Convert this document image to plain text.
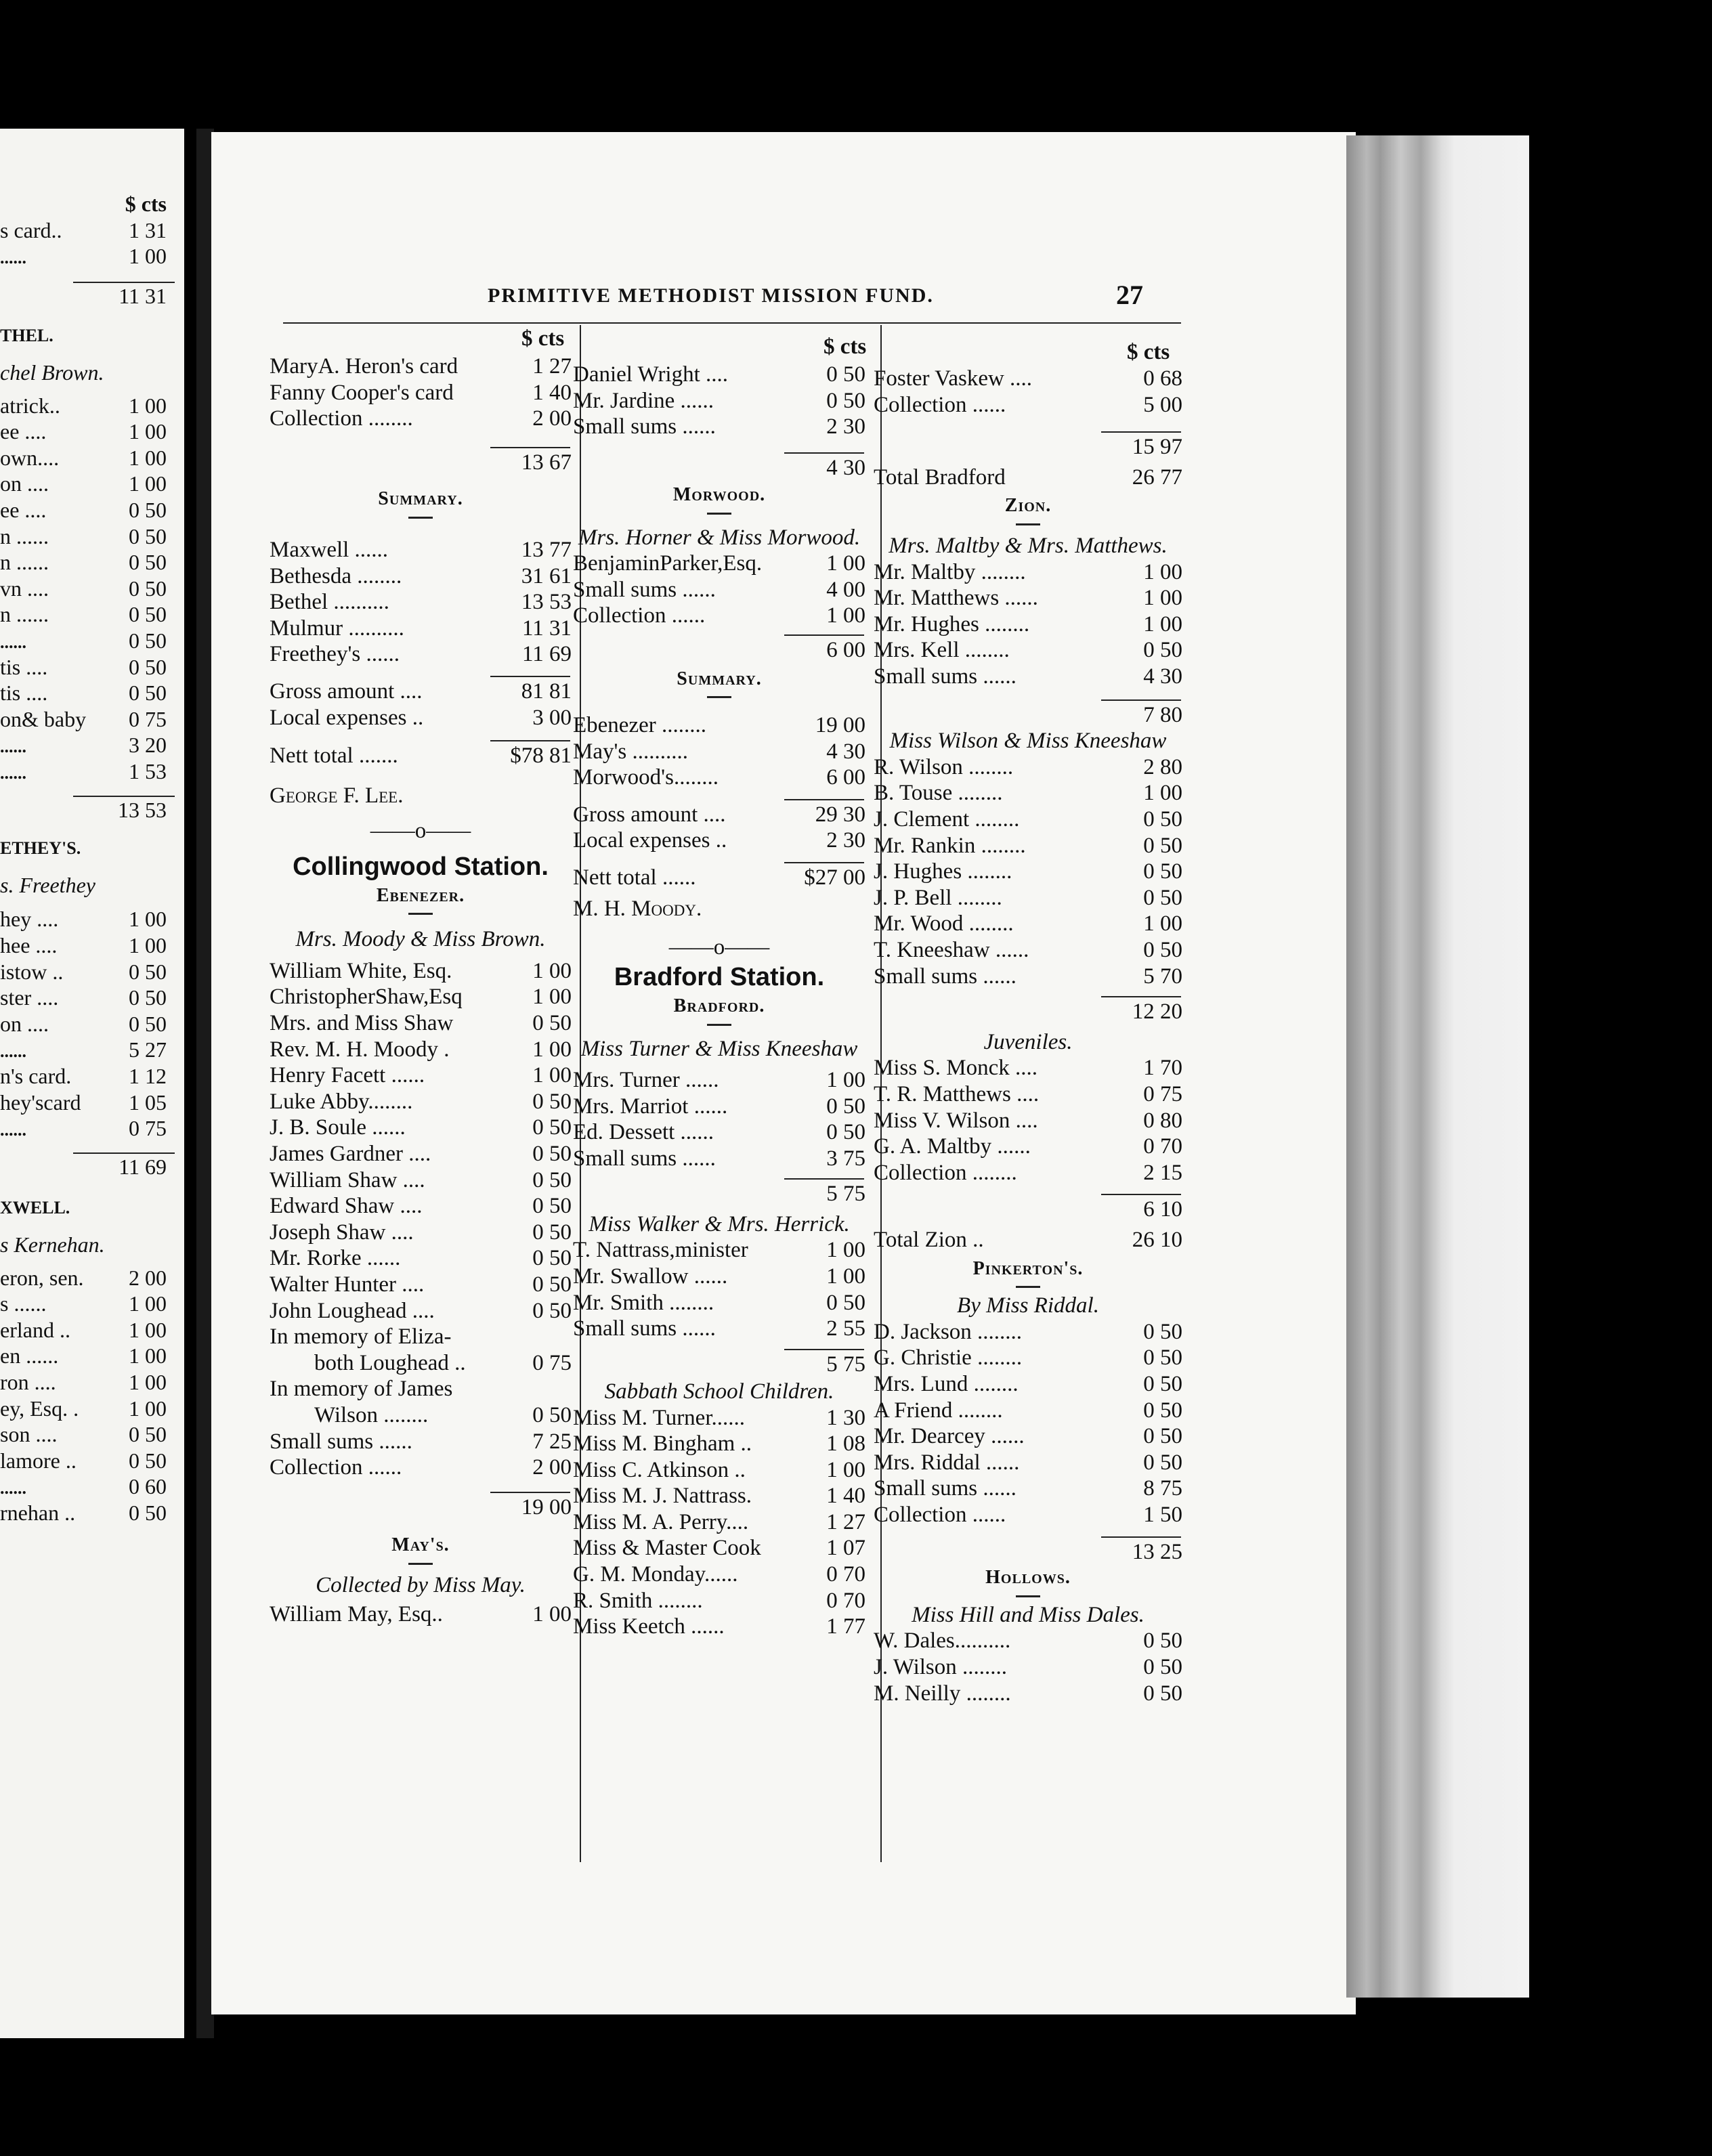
$ cts
s card..	1 31
......	1 00
11 31
THEL.
chel Brown.
atrick..	1 00
ee ....	1 00
own....	1 00
on ....	1 00
ee ....	0 50
n ......	0 50
n ......	0 50
vn ....	0 50
n ......	0 50
......	0 50
tis ....	0 50
tis ....	0 50
on& baby 0 75
......	3 20
......	1 53
13 53
ETHEY'S.
s. Freethey
hey ....	1 00
hee ....	1 00
istow ..	0 50
ster ....	0 50
on ....	0 50
......	5 27
n's card.	1 12
hey'scard 1 05
......	0 75
11 69
XWELL.
s Kernehan.
eron, sen. 2 00
s ......	1 00
erland ..	1 00
en ......	1 00
ron ....	1 00
ey, Esq. . 1 00
son ....	0 50
lamore .. 0 50
......	0 60
rnehan .. 0 50
PRIMITIVE METHODIST MISSION FUND.	27
$ cts	$ cts	$ cts
MaryA. Heron's card	1 27
Fanny Cooper's card	1 40
Collection ........	2 00
13 67
Summary.
Maxwell ......	13 77
Bethesda ........	31 61
Bethel ..........	13 53
Mulmur ..........	11 31
Freethey's ......	11 69
Gross amount ....	81 81
Local expenses ..	3 00
Nett total .......	$78 81
George F. Lee.
——o——
Collingwood Station.
Ebenezer.
Mrs. Moody & Miss Brown.
William White, Esq.	1 00
ChristopherShaw,Esq	1 00
Mrs. and Miss Shaw	0 50
Rev. M. H. Moody .	1 00
Henry Facett ......	1 00
Luke Abby........	0 50
J. B. Soule ......	0 50
James Gardner ....	0 50
William Shaw ....	0 50
Edward Shaw ....	0 50
Joseph Shaw ....	0 50
Mr. Rorke ......	0 50
Walter Hunter ....	0 50
John Loughead ....	0 50
In memory of Eliza-
  both Loughead ..	0 75
In memory of James
  Wilson ........	0 50
Small sums ......	7 25
Collection ......	2 00
19 00
May's.
Collected by Miss May.
William May, Esq..	1 00
Daniel Wright ....	0 50
Mr. Jardine ......	0 50
Small sums ......	2 30
4 30
Morwood.
Mrs. Horner & Miss Morwood.
BenjaminParker,Esq.	1 00
Small sums ......	4 00
Collection ......	1 00
6 00
Summary.
Ebenezer ........	19 00
May's ..........	4 30
Morwood's........	6 00
Gross amount ....	29 30
Local expenses ..	2 30
Nett total ......	$27 00
M. H. Moody.
——o——
Bradford Station.
Bradford.
Miss Turner & Miss Kneeshaw
Mrs. Turner ......	1 00
Mrs. Marriot ......	0 50
Ed. Dessett ......	0 50
Small sums ......	3 75
5 75
Miss Walker & Mrs. Herrick.
T. Nattrass,minister	1 00
Mr. Swallow ......	1 00
Mr. Smith ........	0 50
Small sums ......	2 55
5 75
Sabbath School Children.
Miss M. Turner......	1 30
Miss M. Bingham ..	1 08
Miss C. Atkinson ..	1 00
Miss M. J. Nattrass.	1 40
Miss M. A. Perry....	1 27
Miss & Master Cook	1 07
G. M. Monday......	0 70
R. Smith ........	0 70
Miss Keetch ......	1 77
Foster Vaskew ....	0 68
Collection ......	5 00
15 97
Total Bradford	26 77
Zion.
Mrs. Maltby & Mrs. Matthews.
Mr. Maltby ........	1 00
Mr. Matthews ......	1 00
Mr. Hughes ........	1 00
Mrs. Kell ........	0 50
Small sums ......	4 30
7 80
Miss Wilson & Miss Kneeshaw
R. Wilson ........	2 80
B. Touse ........	1 00
J. Clement ........	0 50
Mr. Rankin ........	0 50
J. Hughes ........	0 50
J. P. Bell ........	0 50
Mr. Wood ........	1 00
T. Kneeshaw ......	0 50
Small sums ......	5 70
12 20
Juveniles.
Miss S. Monck ....	1 70
T. R. Matthews ....	0 75
Miss V. Wilson ....	0 80
G. A. Maltby ......	0 70
Collection ........	2 15
6 10
Total Zion ..	26 10
Pinkerton's.
By Miss Riddal.
D. Jackson ........	0 50
G. Christie ........	0 50
Mrs. Lund ........	0 50
A Friend ........	0 50
Mr. Dearcey ......	0 50
Mrs. Riddal ......	0 50
Small sums ......	8 75
Collection ......	1 50
13 25
Hollows.
Miss Hill and Miss Dales.
W. Dales..........	0 50
J. Wilson ........	0 50
M. Neilly ........	0 50
